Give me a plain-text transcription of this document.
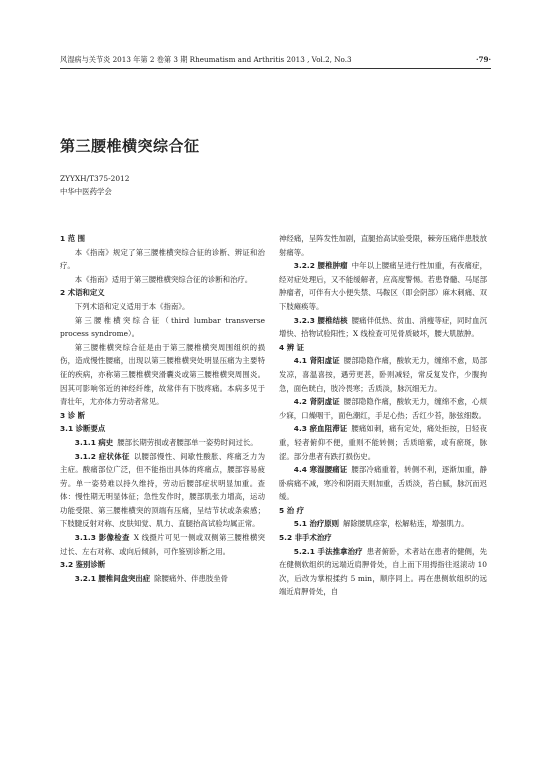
风湿病与关节炎 2013 年第 2 卷第 3 期 Rheumatism and Arthritis 2013 , Vol.2, No.3	·79·
第三腰椎横突综合征
ZYYXH/T375-2012
中华中医药学会

1 范 围

本《指南》规定了第三腰椎横突综合征的诊断、辨证和治疗。

本《指南》适用于第三腰椎横突综合征的诊断和治疗。

2 术语和定义

下列术语和定义适用于本《指南》。

第三腰椎横突综合征（third lumbar transverse process syndrome）。

第三腰椎横突综合征是由于第三腰椎横突周围组织的损伤，造成慢性腰痛，出现以第三腰椎横突处明显压痛为主要特征的疾病，亦称第三腰椎横突滑囊炎或第三腰椎横突周围炎。因其可影响邻近的神经纤维，故常伴有下肢疼痛。本病多见于青壮年，尤亦体力劳动者常见。

3 诊 断

3.1 诊断要点

3.1.1 病史 腰部长期劳损或者腰部单一姿势时间过长。

3.1.2 症状体征 以腰部慢性、间歇性酸胀、疼痛乏力为主症。酸痛部位广泛，但不能指出具体的疼痛点，腰部容易疲劳。单一姿势难以持久维持，劳动后腰部症状明显加重。查体：慢性期无明显体征；急性发作时，腰部肌张力增高，运动功能受限、第三腰椎横突的顶端有压痛，呈结节状或条索感；下肢腱反射对称、皮肤知觉、肌力、直腿抬高试验均属正常。

3.1.3 影像检查 X 线摄片可见一侧或双侧第三腰椎横突过长、左右对称、或向后倾斜，可作鉴别诊断之用。

3.2 鉴别诊断

3.2.1 腰椎间盘突出症 除腰痛外、伴患肢坐骨

神经痛，呈阵发性加剧，直腿抬高试验受限，棘旁压痛伴患肢放射痛等。

3.2.2 腰椎肿瘤 中年以上腰痛呈进行性加重，有夜痛症，经对症处理后，又不能缓解者，应高度警惕。若患脊髓、马尾部肿瘤者，可伴有大小便失禁、马鞍区（即会阴部）麻木刺痛、双下肢瘫痪等。

3.2.3 腰椎结核 腰痛伴低热、贫血、消瘦等症，同时血沉增快、拾物试验阳性；X 线检查可见骨质破坏，腰大肌脓肿。

4 辨 证

4.1 肾阳虚证 腰部隐隐作痛，酸软无力，缠绵不愈，局部发凉，喜温喜按，遇劳更甚，卧则减轻，常反复发作，少腹拘急，面色晄白，肢冷畏寒；舌质淡，脉沉细无力。

4.2 肾阴虚证 腰部隐隐作痛，酸软无力，缠绵不愈，心烦少寐，口燥咽干，面色潮红，手足心热；舌红少苔，脉弦细数。

4.3 瘀血阻滞证 腰痛如刺，痛有定处，痛处拒按，日轻夜重，轻者俯仰不便，重则不能转侧；舌质暗紫，或有瘀斑，脉涩。部分患者有跌打损伤史。

4.4 寒湿腰痛证 腰部冷痛重着，转侧不利，逐渐加重，静卧病痛不减，寒冷和阴雨天则加重，舌质淡，苔白腻，脉沉而迟缓。

5 治 疗

5.1 治疗原则 解除腰肌痉挛，松解粘连，增强肌力。

5.2 非手术治疗

5.2.1 手法推拿治疗 患者俯卧，术者站在患者的健侧，先在健侧软组织的远端近肩胛骨处，自上而下用拇指往返滚动 10 次，后改为掌根揉约 5 min，顺序同上。再在患侧软组织的远端近肩胛骨处，自
